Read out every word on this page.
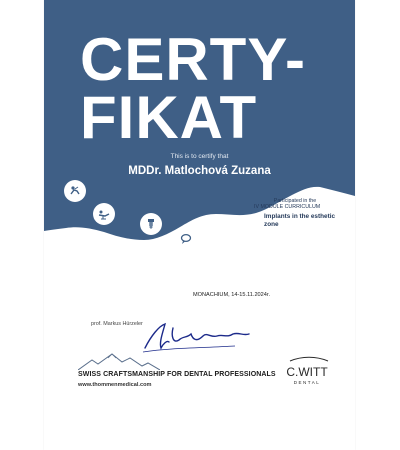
CERTY-
FIKAT
This is to certify that
MDDr. Matlochová Zuzana
Participated in the
IV MODULE CURRICULUM
Implants in the esthetic zone
MONACHIUM, 14-15.11.2024r.
prof. Markus Hürzeler
SWISS CRAFTSMANSHIP FOR DENTAL PROFESSIONALS
www.thommenmedical.com
C.WITT
DENTAL
